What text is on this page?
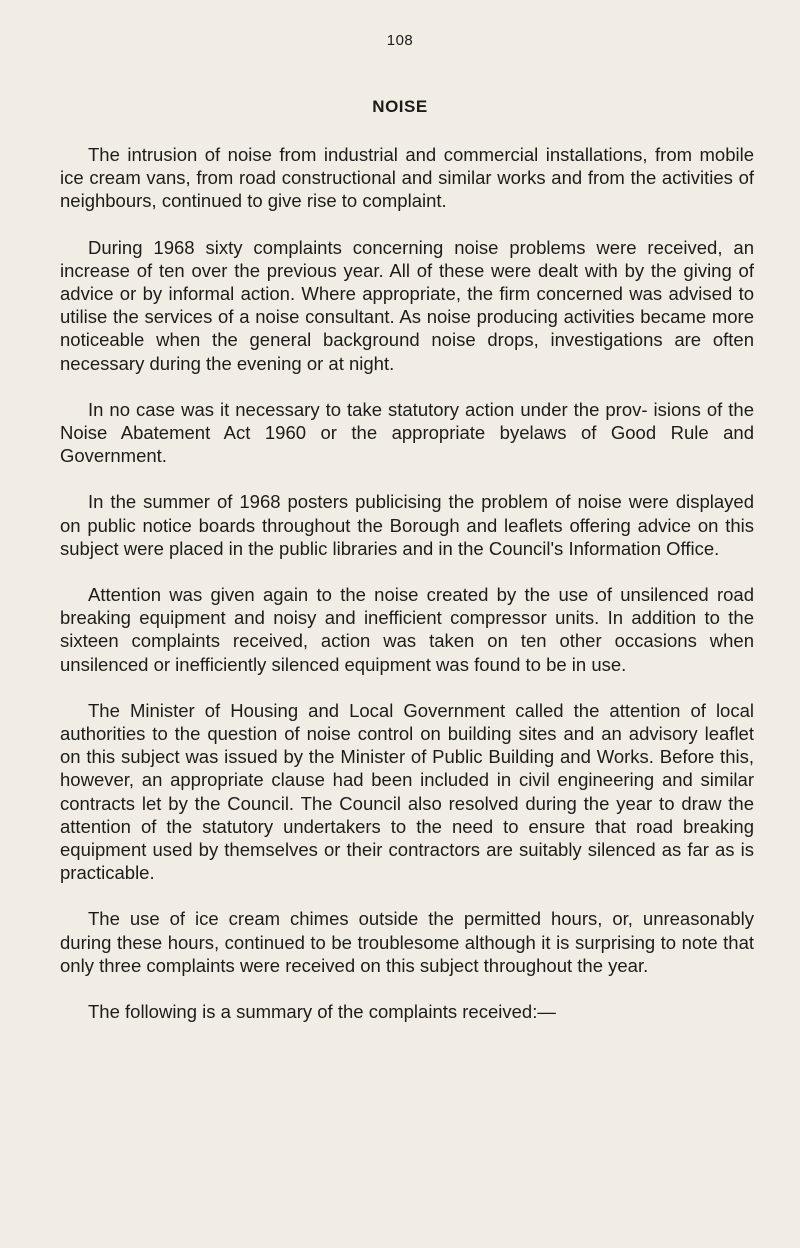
108
NOISE

The intrusion of noise from industrial and commercial installations, from mobile ice cream vans, from road constructional and similar works and from the activities of neighbours, continued to give rise to complaint.

During 1968 sixty complaints concerning noise problems were received, an increase of ten over the previous year. All of these were dealt with by the giving of advice or by informal action. Where appropriate, the firm concerned was advised to utilise the services of a noise consultant. As noise producing activities became more noticeable when the general background noise drops, investigations are often necessary during the evening or at night.

In no case was it necessary to take statutory action under the prov- isions of the Noise Abatement Act 1960 or the appropriate byelaws of Good Rule and Government.

In the summer of 1968 posters publicising the problem of noise were displayed on public notice boards throughout the Borough and leaflets offering advice on this subject were placed in the public libraries and in the Council's Information Office.

Attention was given again to the noise created by the use of unsilenced road breaking equipment and noisy and inefficient compressor units. In addition to the sixteen complaints received, action was taken on ten other occasions when unsilenced or inefficiently silenced equipment was found to be in use.

The Minister of Housing and Local Government called the attention of local authorities to the question of noise control on building sites and an advisory leaflet on this subject was issued by the Minister of Public Building and Works. Before this, however, an appropriate clause had been included in civil engineering and similar contracts let by the Council. The Council also resolved during the year to draw the attention of the statutory undertakers to the need to ensure that road breaking equipment used by themselves or their contractors are suitably silenced as far as is practicable.

The use of ice cream chimes outside the permitted hours, or, unreasonably during these hours, continued to be troublesome although it is surprising to note that only three complaints were received on this subject throughout the year.

The following is a summary of the complaints received:—
